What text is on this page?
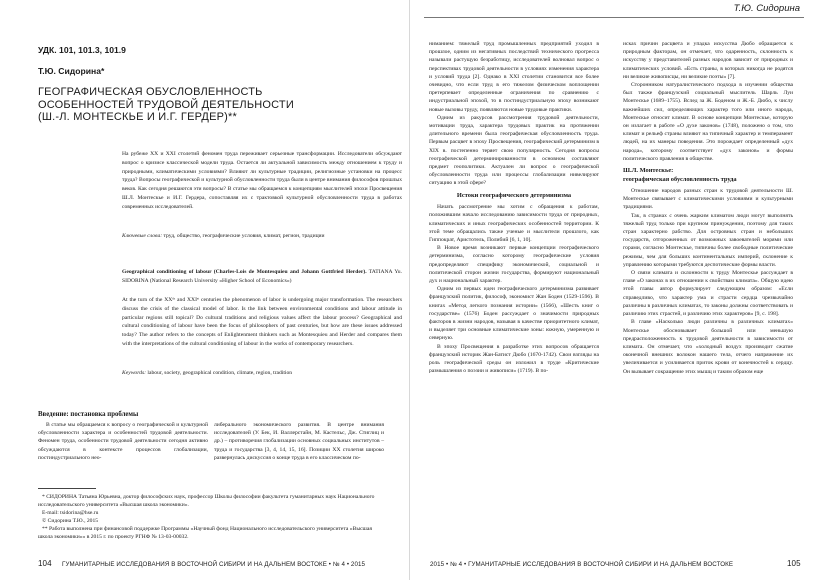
УДК. 101, 101.3, 101.9
Т.Ю. Сидорина*
ГЕОГРАФИЧЕСКАЯ ОБУСЛОВЛЕННОСТЬ
ОСОБЕННОСТЕЙ ТРУДОВОЙ ДЕЯТЕЛЬНОСТИ
(Ш.-Л. МОНТЕСКЬЕ И И.Г. ГЕРДЕР)**
На рубеже XX и XXI столетий феномен труда переживает серьезные трансформации. Исследователи обсуждают вопрос о кризисе классической модели труда. Остается ли актуальной зависимость между отношением к труду и природными, климатическими условиями? Влияют ли культурные традиции, религиозные установки на процесс труда? Вопросы географической и культурной обусловленности труда были в центре внимания философов прошлых веков. Как сегодня решаются эти вопросы? В статье мы обращаемся к концепциям мыслителей эпохи Просвещения Ш.Л. Монтескье и И.Г. Гердера, сопоставляя их с трактовкой культурной обусловленности труда в работах современных исследователей.
Ключевые слова: труд, общество, географические условия, климат, регион, традиции
Geographical conditioning of labour (Charles-Lois de Montesquieu and Johann Gottfried Herder). TATIANA Yu. SIDORINA (National Research University «Higher School of Economics»)
At the turn of the XXᵗʰ and XXIˢᵗ centuries the phenomenon of labor is undergoing major transformation. The researchers discuss the crisis of the classical model of labor. Is the link between environmental conditions and labour attitude in particular regions still topical? Do cultural traditions and religious values affect the labour process? Geographical and cultural conditioning of labour have been the focus of philosophers of past centuries, but how are these issues addressed today? The author refers to the concepts of Enlightenment thinkers such as Montesquieu and Herder and compares them with the interpretations of the cultural conditioning of labour in the works of contemporary researchers.
Keywords: labour, society, geographical condition, climate, region, tradition
Введение: постановка проблемы

В статье мы обращаемся к вопросу о географической и культурной обусловленности характера и особенностей трудовой деятельности. Феномен труда, особенности трудовой деятельности сегодня активно обсуждаются в контексте процессов глобализации, постиндустриального нео-

либерального экономического развития. В центре внимания исследователей (У. Бек, И. Валлерстайн, М. Кастельс, Дж. Стиглиц и др.) – противоречия глобализации основных социальных институтов – труда и государства [3, 4, 14, 15, 16]. Позиции XX столетия широко развернулась дискуссия о конце труда в его классическом по-

* СИДОРИНА Татьяна Юрьевна, доктор философских наук, профессор Школы философии факультета гуманитарных наук Национального исследовательского университета «Высшая школа экономики».
E-mail: tsidorina@hse.ru
© Сидорина Т.Ю., 2015
** Работа выполнена при финансовой поддержке Программы «Научный фонд Национального исследовательского университета «Высшая школа экономики»» в 2015 г. по проекту РГНФ № 13-03-00032.
Т.Ю. Сидорина

ниманием: тяжелый труд промышленных предприятий уходил в прошлое, одним из негативных последствий технического прогресса называли растущую безработицу, исследователей волновал вопрос о перспективах трудовой деятельности в условиях изменения характера и условий труда [2]. Однако в XXI столетии становится все более очевидно, что если труд в его тяжелом физическом воплощении претерпевает определенные ограничения по сравнению с индустриальной эпохой, то в постиндустриальную эпоху возникают новые вызовы труду, появляются новые трудовые практики.

Одним из ракурсов рассмотрения трудовой деятельности, мотивации труда, характера трудовых практик на протяжении длительного времени была географическая обусловленность труда. Первым расцвет в эпоху Просвещения, географический детерминизм в XIX в. постепенно теряет свою популярность. Сегодня вопросы географической детерминированности в основном составляют предмет геополитики. Актуален ли вопрос о географической обусловленности труда или процессы глобализации нивелируют ситуацию в этой сфере?

Истоки географического детерминизма

Начать рассмотрение мы хотим с обращения к работам, положившим начало исследованию зависимости труда от природных, климатических и иных географических особенностей территории. К этой теме обращались также ученые и мыслители прошлого, как Гиппократ, Аристотель, Полибий [6, 1, 10].

В Новое время возникают первые концепции географического детерминизма, согласно которому географические условия предопределяют специфику экономической, социальной и политической сторон жизни государства, формируют национальный дух и национальный характер.

Одним из первых идеи географического детерминизма развивает французский политик, философ, экономист Жан Боден (1529-1596). В книгах «Метод легкого познания истории» (1566), «Шесть книг о государстве» (1576) Боден рассуждает о значимости природных факторов в жизни народов, называя в качестве приоритетного климат, и выделяет три основные климатические зоны: южную, умеренную и северную.

В эпоху Просвещения в разработке этих вопросов обращается французский историк Жан-Батист Дюбо (1670-1742). Свои взгляды на роль географической среды он изложил в труде «Критические размышления о поэзии и живописи» (1719). В по-

исках причин расцвета и упадка искусства Дюбо обращается к природным факторам, он отмечает, что одаренность, склонность к искусству у представителей разных народов зависит от природных и климатических условий. «Есть страны, в которых никогда не родятся ни великие живописцы, ни великие поэты» [7].

Сторонником натуралистического подхода в изучении общества был также французский социальный мыслитель Шарль Луи Монтескье (1689–1755). Вслед за Ж. Боденом и Ж.-Б. Дюбо, к числу важнейших сил, определяющих характер того или иного народа, Монтескье относит климат. В основе концепции Монтескье, которую он излагает в работе «О духе законов» (1748), положено о том, что климат и рельеф страны влияют на типичный характер и темперамент людей, на их манеры поведения. Это порождает определенный «дух народа», которому соответствует «дух законов» и формы политического правления в обществе.

Ш.Л. Монтескье:
географическая обусловленность труда

Отношение народов разных стран к трудовой деятельности Ш. Монтескье связывает с климатическими условиями и культурными традициями.

Так, в странах с очень жарким климатом люди могут выполнять тяжелый труд только при крупном принуждении, поэтому для таких стран характерно рабство. Для островных стран и небольших государств, отгороженных от возможных завоевателей морями или горами, согласно Монтескье, типичны более свободные политические режимы, чем для больших континентальных империй, склонение к управлению которыми требуются деспотические формы власти.

О связи климата и склонности к труду Монтескье рассуждает в главе «О законах в их отношении к свойствам климата». Общую идею этой главы автор формулирует следующим образом: «Если справедливо, что характер ума и страсти сердца чрезвычайно различны в различных климатах, то законы должны соответствовать и различию этих страстей, и различию этих характеров» [9, с. 198].

В главе «Насколько люди различны в различных климатах» Монтескье обосновывает большой или меньшую предрасположенность к трудовой деятельности в зависимости от климата. Он отмечает, что «холодный воздух производит сжатие оконечной внешних волокон нашего тела, отчего напряжение их увеличивается и усиливается приток крови от конечностей к сердцу. Он вызывает сокращение этих мышц и таким образом еще

104 ГУМАНИТАРНЫЕ ИССЛЕДОВАНИЯ В ВОСТОЧНОЙ СИБИРИ И НА ДАЛЬНЕМ ВОСТОКЕ • № 4 • 2015	2015 • № 4 • ГУМАНИТАРНЫЕ ИССЛЕДОВАНИЯ В ВОСТОЧНОЙ СИБИРИ И НА ДАЛЬНЕМ ВОСТОКЕ	105
